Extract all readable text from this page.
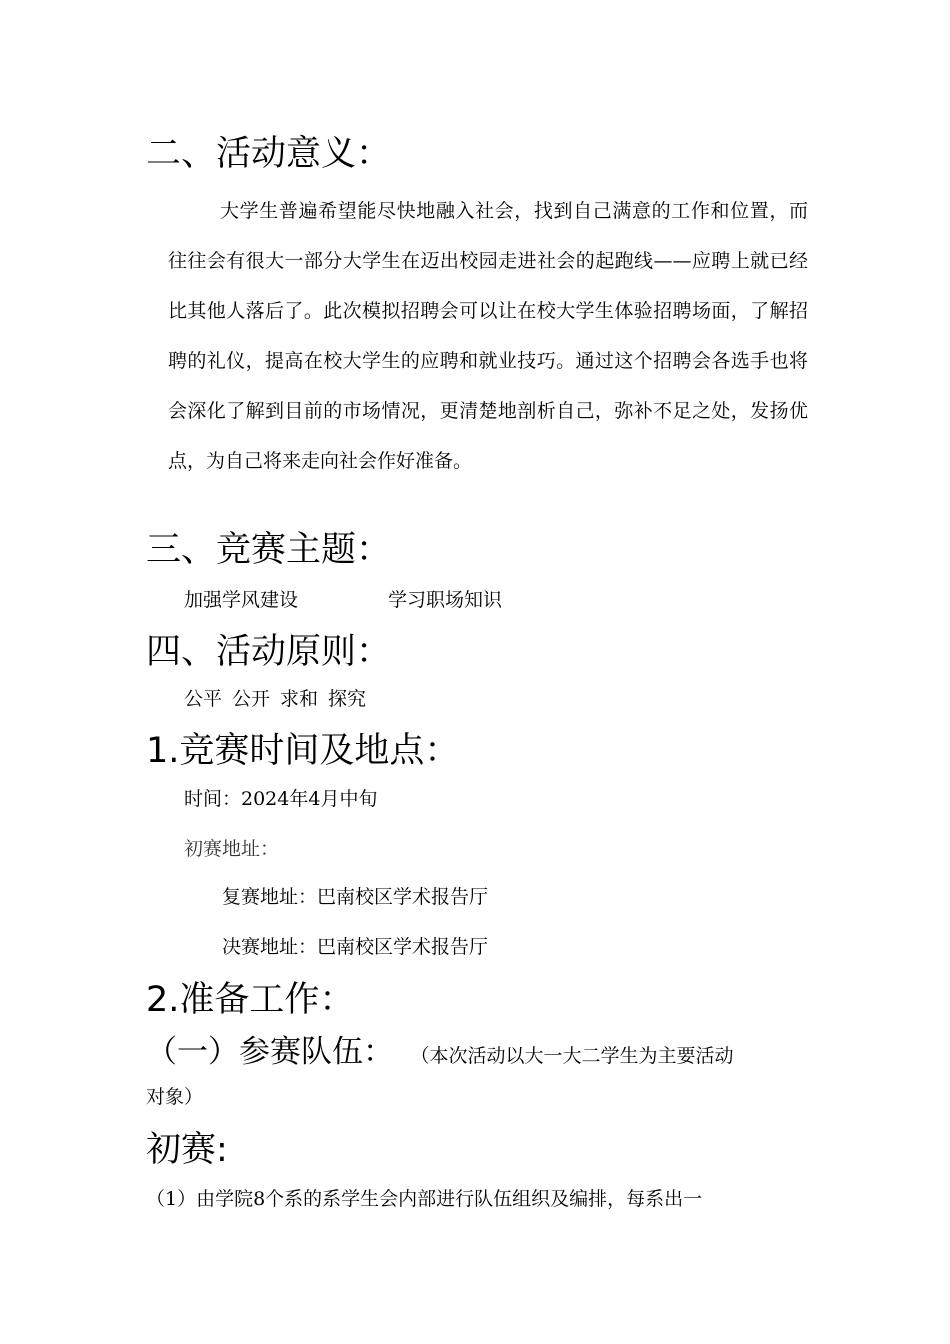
二、活动意义：
大学生普遍希望能尽快地融入社会，找到自己满意的工作和位置，而往往会有很大一部分大学生在迈出校园走进社会的起跑线——应聘上就已经比其他人落后了。此次模拟招聘会可以让在校大学生体验招聘场面，了解招聘的礼仪，提高在校大学生的应聘和就业技巧。通过这个招聘会各选手也将会深化了解到目前的市场情况，更清楚地剖析自己，弥补不足之处，发扬优点，为自己将来走向社会作好准备。
三、竞赛主题：
加强学风建设	学习职场知识
四、活动原则：
公平 公开 求和 探究
1.竞赛时间及地点：
时间：2024年4月中旬
初赛地址：
复赛地址：巴南校区学术报告厅
决赛地址：巴南校区学术报告厅
2.准备工作：
（一）参赛队伍： （本次活动以大一大二学生为主要活动
对象）
初赛:
（1）由学院8个系的系学生会内部进行队伍组织及编排，每系出一
